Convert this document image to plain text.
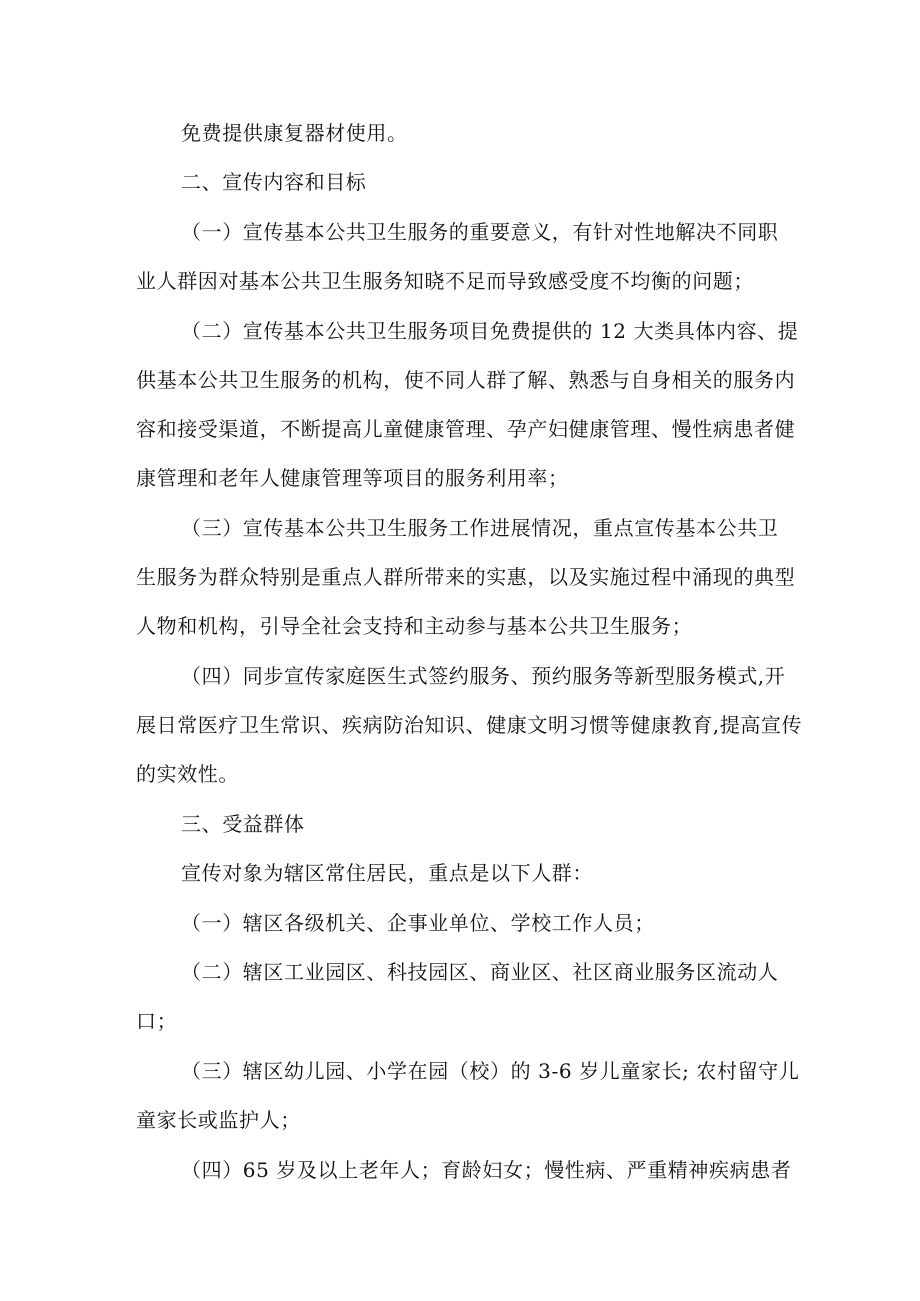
免费提供康复器材使用。
二、宣传内容和目标
（一）宣传基本公共卫生服务的重要意义，有针对性地解决不同职
业人群因对基本公共卫生服务知晓不足而导致感受度不均衡的问题；
（二）宣传基本公共卫生服务项目免费提供的 12 大类具体内容、提
供基本公共卫生服务的机构，使不同人群了解、熟悉与自身相关的服务内
容和接受渠道，不断提高儿童健康管理、孕产妇健康管理、慢性病患者健
康管理和老年人健康管理等项目的服务利用率；
（三）宣传基本公共卫生服务工作进展情况，重点宣传基本公共卫
生服务为群众特别是重点人群所带来的实惠，以及实施过程中涌现的典型
人物和机构，引导全社会支持和主动参与基本公共卫生服务；
（四）同步宣传家庭医生式签约服务、预约服务等新型服务模式,开
展日常医疗卫生常识、疾病防治知识、健康文明习惯等健康教育,提高宣传
的实效性。
三、受益群体
宣传对象为辖区常住居民，重点是以下人群：
（一）辖区各级机关、企事业单位、学校工作人员；
（二）辖区工业园区、科技园区、商业区、社区商业服务区流动人
口；
（三）辖区幼儿园、小学在园（校）的 3-6 岁儿童家长; 农村留守儿
童家长或监护人；
（四）65 岁及以上老年人；育龄妇女；慢性病、严重精神疾病患者
